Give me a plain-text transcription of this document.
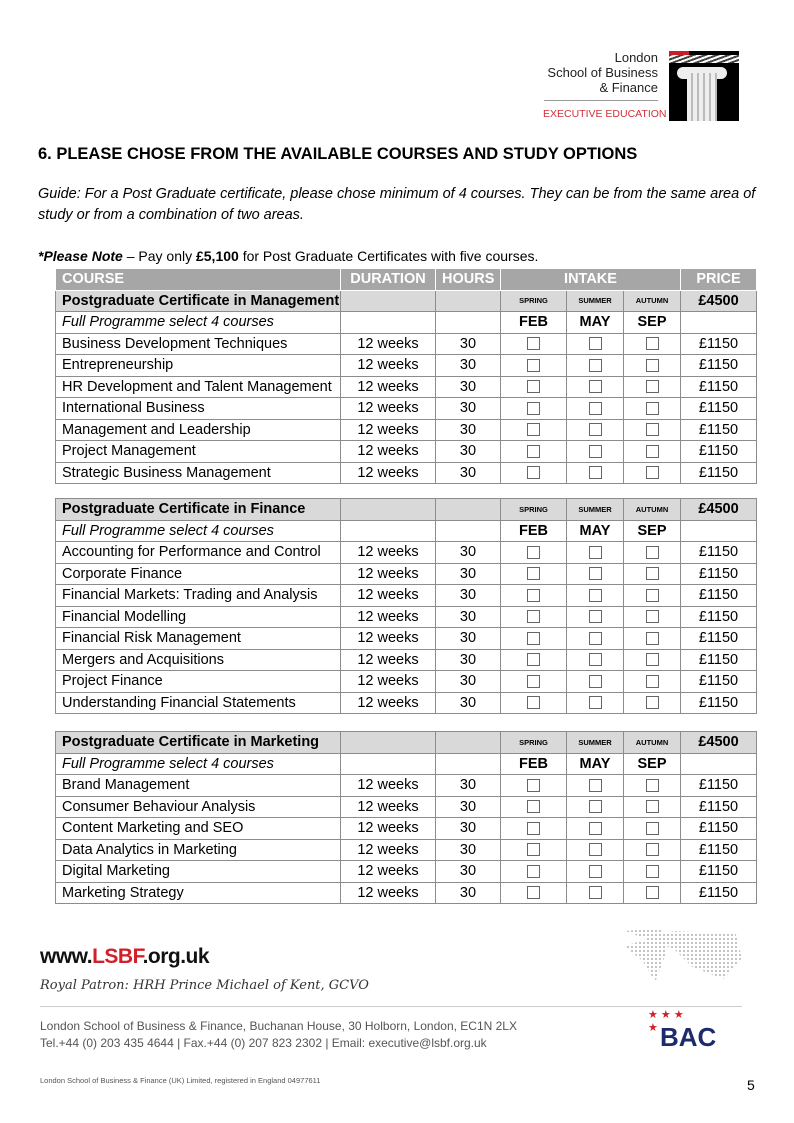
London
School of Business
& Finance
EXECUTIVE EDUCATION
6. PLEASE CHOSE FROM THE AVAILABLE COURSES AND STUDY OPTIONS

Guide: For a Post Graduate certificate, please chose minimum of 4 courses. They can be from the same area of study or from a combination of two areas.

*Please Note – Pay only £5,100 for Post Graduate Certificates with five courses.
COURSE	DURATION	HOURS	INTAKE			PRICE
Postgraduate Certificate in Management			SPRING	SUMMER	AUTUMN	£4500
Full Programme select 4 courses			FEB	MAY	SEP	
Business Development Techniques	12 weeks	30				£1150
Entrepreneurship	12 weeks	30				£1150
HR Development and Talent Management	12 weeks	30				£1150
International Business	12 weeks	30				£1150
Management and Leadership	12 weeks	30				£1150
Project Management	12 weeks	30				£1150
Strategic Business Management	12 weeks	30				£1150
Postgraduate Certificate in Finance			SPRING	SUMMER	AUTUMN	£4500
Full Programme select 4 courses			FEB	MAY	SEP	
Accounting for Performance and Control	12 weeks	30				£1150
Corporate Finance	12 weeks	30				£1150
Financial Markets: Trading and Analysis	12 weeks	30				£1150
Financial Modelling	12 weeks	30				£1150
Financial Risk Management	12 weeks	30				£1150
Mergers and Acquisitions	12 weeks	30				£1150
Project Finance	12 weeks	30				£1150
Understanding Financial Statements	12 weeks	30				£1150
Postgraduate Certificate in Marketing			SPRING	SUMMER	AUTUMN	£4500
Full Programme select 4 courses			FEB	MAY	SEP	
Brand Management	12 weeks	30				£1150
Consumer Behaviour Analysis	12 weeks	30				£1150
Content Marketing and SEO	12 weeks	30				£1150
Data Analytics in Marketing	12 weeks	30				£1150
Digital Marketing	12 weeks	30				£1150
Marketing Strategy	12 weeks	30				£1150
www.LSBF.org.uk
Royal Patron: HRH Prince Michael of Kent, GCVO
London School of Business & Finance, Buchanan House, 30 Holborn, London, EC1N 2LX
Tel.+44 (0) 203 435 4644 | Fax.+44 (0) 207 823 2302 | Email: executive@lsbf.org.uk
★ ★ ★
★ BAC
London School of Business & Finance (UK) Limited, registered in England 04977611	5
